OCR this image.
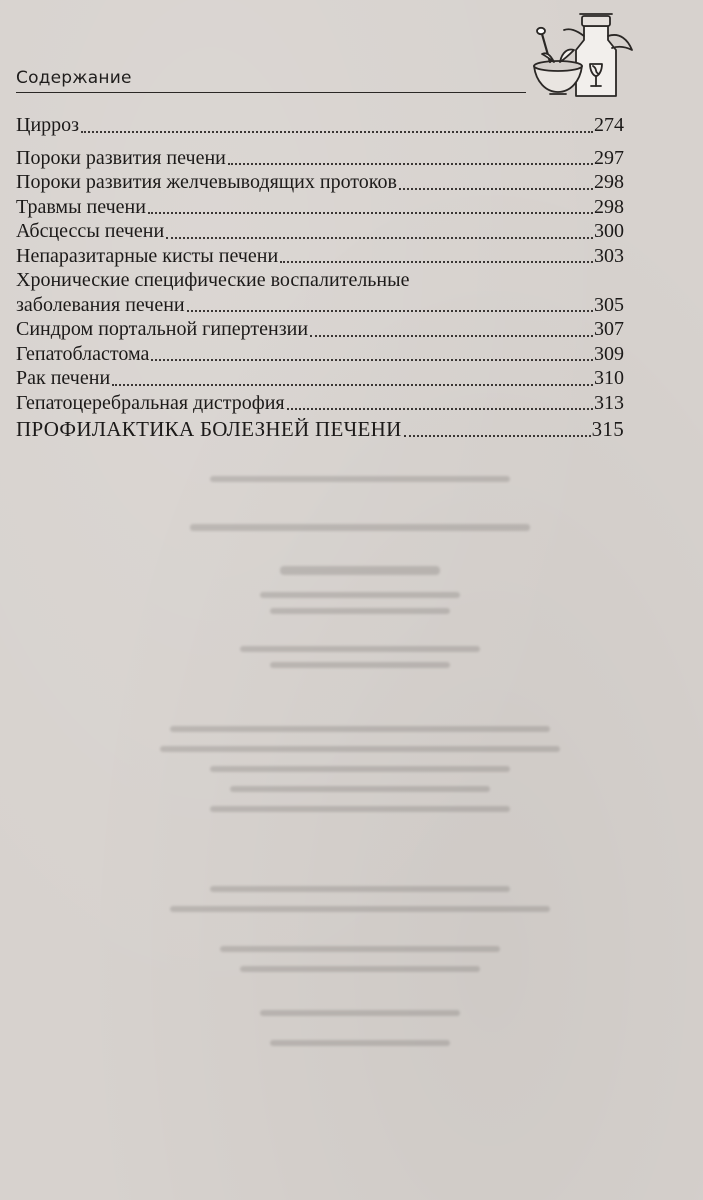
Содержание
Цирроз	274
Пороки развития печени	297
Пороки развития желчевыводящих протоков	298
Травмы печени	298
Абсцессы печени	300
Непаразитарные кисты печени	303
Хронические специфические воспалительные
заболевания печени	305
Синдром портальной гипертензии	307
Гепатобластома	309
Рак печени	310
Гепатоцеребральная дистрофия	313
ПРОФИЛАКТИКА БОЛЕЗНЕЙ ПЕЧЕНИ	315
